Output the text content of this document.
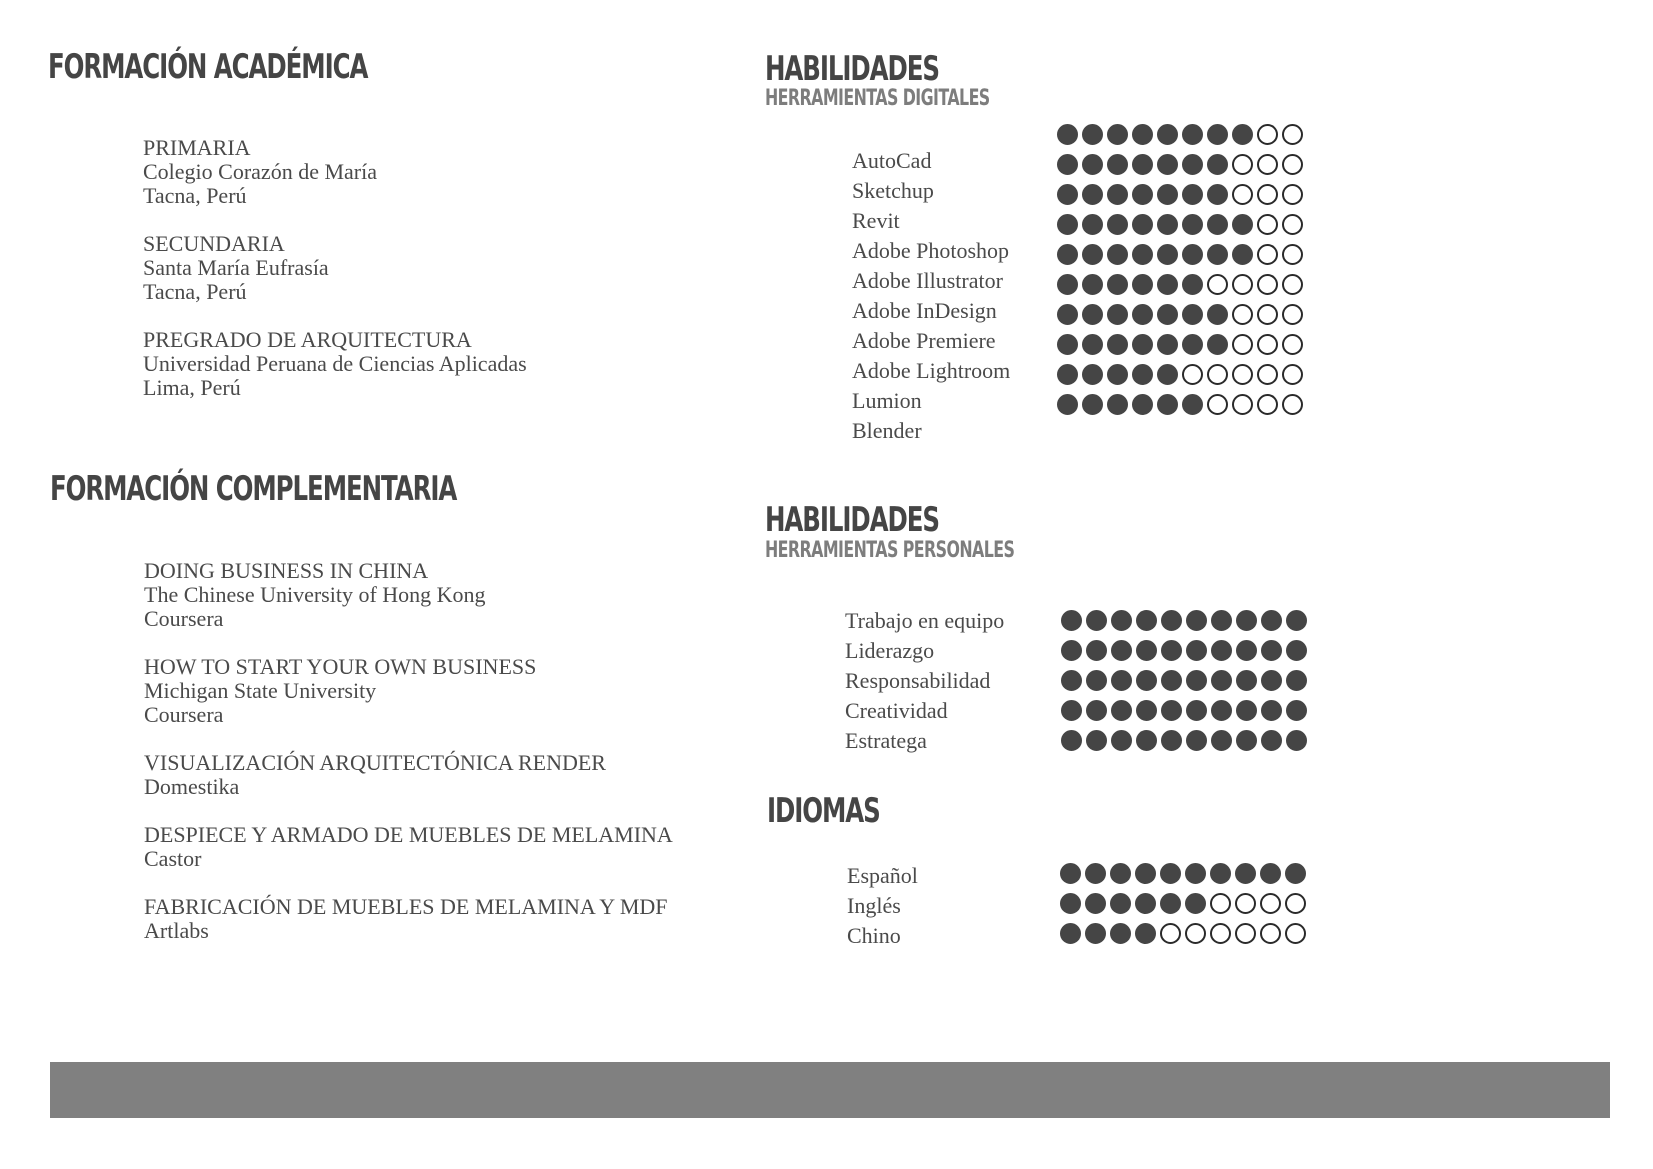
FORMACIÓN ACADÉMICA
PRIMARIA
Colegio Corazón de María
Tacna, Perú
SECUNDARIA
Santa María Eufrasía
Tacna, Perú
PREGRADO DE ARQUITECTURA
Universidad Peruana de Ciencias Aplicadas
Lima, Perú
FORMACIÓN COMPLEMENTARIA
DOING BUSINESS IN CHINA
The Chinese University of Hong Kong
Coursera
HOW TO START YOUR OWN BUSINESS
Michigan State University
Coursera
VISUALIZACIÓN ARQUITECTÓNICA RENDER
Domestika
DESPIECE Y ARMADO DE MUEBLES DE MELAMINA
Castor
FABRICACIÓN DE MUEBLES DE MELAMINA Y MDF
Artlabs
HABILIDADES
HERRAMIENTAS DIGITALES
AutoCad
Sketchup
Revit
Adobe Photoshop
Adobe Illustrator
Adobe InDesign
Adobe Premiere
Adobe Lightroom
Lumion
Blender
HABILIDADES
HERRAMIENTAS PERSONALES
Trabajo en equipo
Liderazgo
Responsabilidad
Creatividad
Estratega
IDIOMAS
Español
Inglés
Chino
